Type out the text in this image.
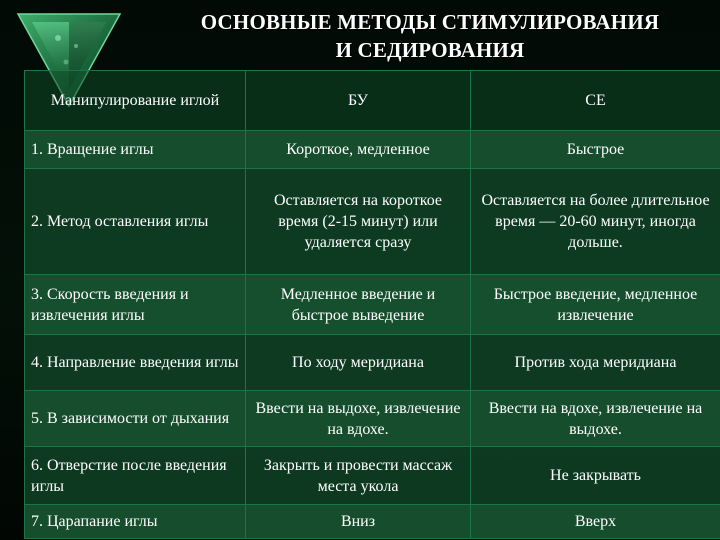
ОСНОВНЫЕ МЕТОДЫ СТИМУЛИРОВАНИЯ
И СЕДИРОВАНИЯ
Манипулирование иглой	БУ	СЕ
1. Вращение иглы	Короткое, медленное	Быстрое
2. Метод оставления иглы	Оставляется на короткое время (2-15 минут) или удаляется сразу	Оставляется на более длительное время — 20-60 минут, иногда дольше.
3. Скорость введения и извлечения иглы	Медленное введение и быстрое выведение	Быстрое введение, медленное извлечение
4. Направление введения иглы	По ходу меридиана	Против хода меридиана
5. В зависимости от дыхания	Ввести на выдохе, извлечение на вдохе.	Ввести на вдохе, извлечение на выдохе.
6. Отверстие после введения иглы	Закрыть и провести массаж места укола	Не закрывать
7. Царапание иглы	Вниз	Вверх
